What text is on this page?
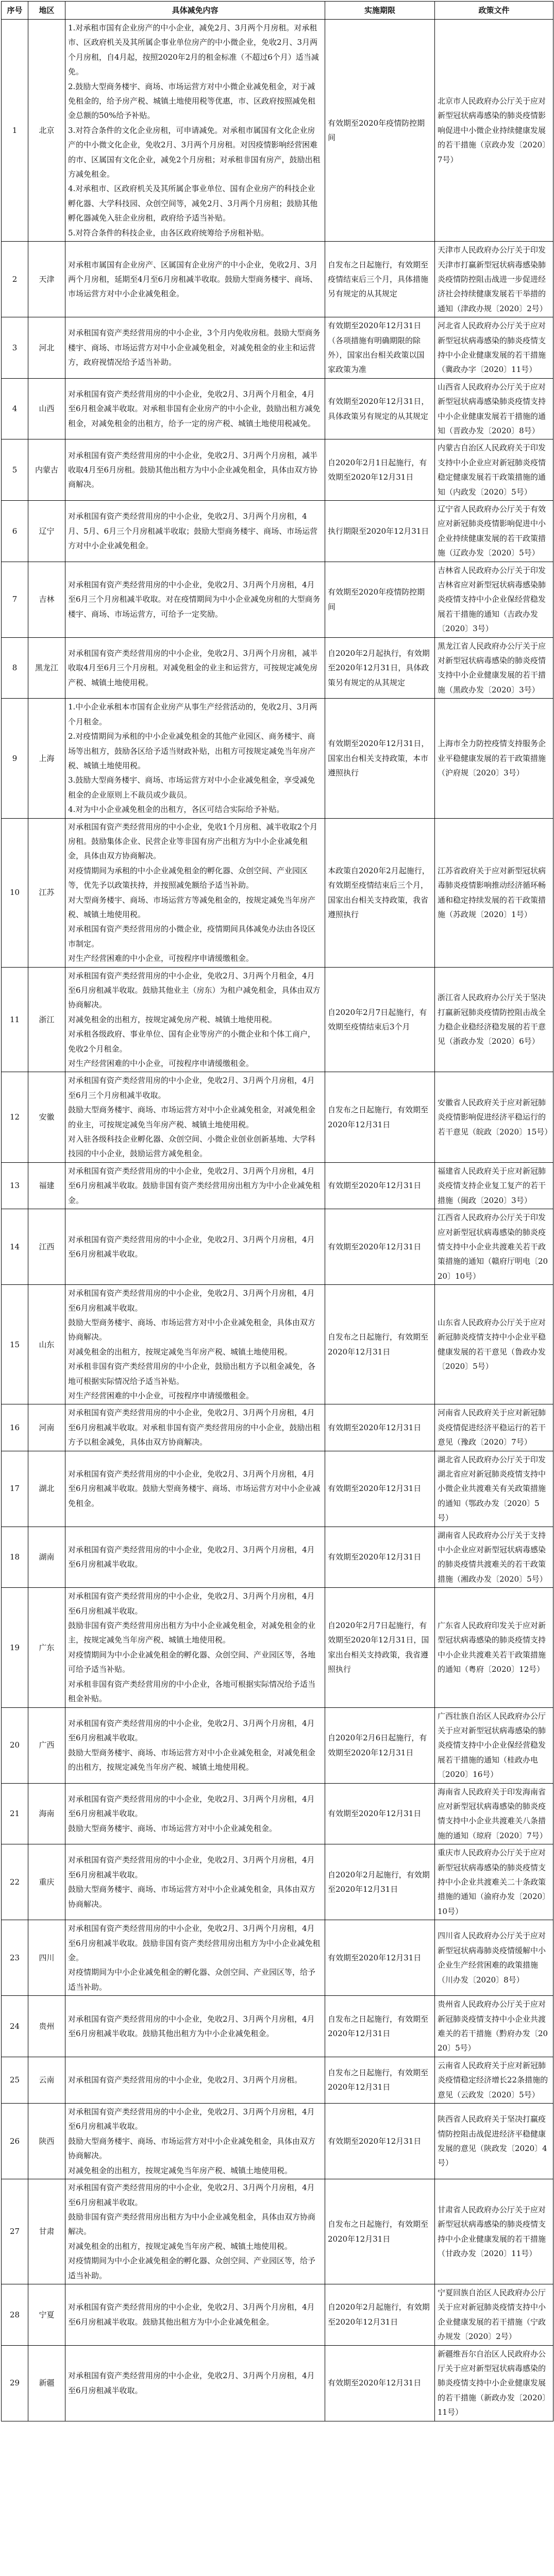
序号	地区	具体减免内容	实施期限	政策文件
1	北京	1.对承租市国有企业房产的中小企业，减免2月、3月两个月房租。对承租市、区政府机关及其所属企事业单位房产的中小微企业，免收2月、3月两个月房租，自4月起，按照2020年2月的租金标准（不超过6个月）适当减免。
2.鼓励大型商务楼宇、商场、市场运营方对中小微企业减免租金，对于减免租金的，给予房产税、城镇土地使用税等优惠，市、区政府按照减免租金总额的50%给予补贴。
3.对符合条件的文化企业房租，可申请减免。对承租市属国有文化企业房产的中小微文化企业，免收2月、3月两个月房租。对因疫情影响经营困难的市、区属国有文化企业，减免2个月房租；对承租非国有房产，鼓励出租方减免租金。
4.对承租市、区政府机关及其所属企事业单位、国有企业房产的科技企业孵化器、大学科技园、众创空间等，减免2月、3月两个月房租；鼓励其他孵化器减免入驻企业房租，政府给予适当补贴。
5.对符合条件的科技企业，由各区政府统筹给予房租补贴。	有效期至2020年疫情防控期间	北京市人民政府办公厅关于应对新型冠状病毒感染的肺炎疫情影响促进中小微企业持续健康发展的若干措施（京政办发〔2020〕7号）
2	天津	对承租市属国有企业房产、区属国有企业房产的中小企业，免收2月、3月两个月房租，延期至4月至6月房租减半收取。鼓励大型商务楼宇、商场、市场运营方对中小企业减免租金。	自发布之日起施行，有效期至疫情结束后三个月，具体措施另有规定的从其规定	天津市人民政府办公厅关于印发天津市打赢新型冠状病毒感染肺炎疫情防控阻击战进一步促进经济社会持续健康发展若干举措的通知（津政办规〔2020〕2号）
3	河北	对承租国有资产类经营用房的中小企业，3个月内免收房租。鼓励大型商务楼宇、商场、市场运营方对中小企业减免租金，对减免租金的业主和运营方，政府视情况给予适当补助。	有效期至2020年12月31日（各项措施有明确期限的除外），国家出台相关政策以国家政策为准	河北省人民政府办公厅关于应对新型冠状病毒感染的肺炎疫情支持中小企业健康发展的若干措施（冀政办字〔2020〕11号）
4	山西	对承租国有资产类经营用房的中小企业，免收2月、3月两个月租金，4月至6月租金减半收取。对承租非国有企业房产的中小企业，鼓励出租方减免租金，对减免租金的出租方，给予一定的房产税、城镇土地使用税减免。	有效期至2020年12月31日，具体政策另有规定的从其规定	山西省人民政府办公厅关于应对新型冠状病毒感染肺炎疫情支持中小企业健康发展若干措施的通知（晋政办发〔2020〕8号）
5	内蒙古	对承租国有资产类经营用房的中小企业，免收2月、3月两个月房租，减半收取4月至6月房租。鼓励其他出租方为中小企业减免租金，具体由双方协商解决。	自2020年2月1日起施行，有效期至2020年12月31日	内蒙古自治区人民政府关于印发支持中小企业应对新冠肺炎疫情稳定健康发展若干政策措施的通知（内政发〔2020〕5号）
6	辽宁	对承租国有资产类经营用房的中小企业，免收2月、3月两个月房租，4月、5月、6月三个月房租减半收取；鼓励大型商务楼宇、商场、市场运营方对中小企业减免租金。	执行期限至2020年12月31日	辽宁省人民政府办公厅关于有效应对新冠肺炎疫情影响促进中小企业持续健康发展的若干政策措施（辽政办发〔2020〕5号）
7	吉林	对承租国有资产类经营用房的中小企业，免收2月、3月两个月房租，4月至6月三个月房租减半收取。对在疫情期间为中小企业减免房租的大型商务楼宇、商场、市场运营方，可给予一定奖励。	有效期至2020年疫情防控期间	吉林省人民政府办公厅关于印发吉林省应对新型冠状病毒感染肺炎疫情支持中小企业保经营稳发展若干措施的通知（吉政办发〔2020〕3号）
8	黑龙江	对承租国有资产类经营用房的中小企业，免收2月、3月两个月房租，减半收取4月至6月三个月房租。对减免租金的业主和运营方，可按规定减免房产税、城镇土地使用税。	自2020年2月起执行，有效期至2020年12月31日，具体政策另有规定的从其规定	黑龙江省人民政府办公厅关于应对新型冠状病毒感染的肺炎疫情支持中小企业健康发展的若干措施（黑政办发〔2020〕3号）
9	上海	1.中小企业承租本市国有企业房产从事生产经营活动的，免收2月、3月两个月租金。
2.对疫情期间为承租的中小企业减免租金的其他产业园区、商务楼宇、商场等出租方，鼓励各区给予适当财政补贴，出租方可按规定减免当年房产税、城镇土地使用税。
3.鼓励大型商务楼宇、商场、市场运营方对中小企业减免租金，享受减免租金的企业原则上不裁员或少裁员。
4.对为中小企业减免租金的出租方，各区可结合实际给予补贴。	有效期至2020年12月31日，国家出台相关支持政策，本市遵照执行	上海市全力防控疫情支持服务企业平稳健康发展的若干政策措施（沪府规〔2020〕3号）
10	江苏	对承租国有资产类经营用房的中小企业，免收1个月房租、减半收取2个月房租。鼓励集体企业、民营企业等非国有房产出租方为中小企业减免租金，具体由双方协商解决。
对疫情期间为承租的中小企业减免租金的孵化器、众创空间、产业园区等，优先予以政策扶持，并按照减免额给予适当补助。
对大型商务楼宇、商场、市场运营方等减免租金的，按规定减免当年房产税、城镇土地使用税。
对承租国有资产类经营用房的小微企业，疫情期间具体减免办法由各设区市制定。
对生产经营困难的中小企业，可按程序申请缓缴租金。	本政策自2020年2月起施行，有效期至疫情结束后三个月，国家出台相关支持政策，我省遵照执行	江苏省政府关于应对新型冠状病毒肺炎疫情影响推动经济循环畅通和稳定持续发展的若干政策措施（苏政规〔2020〕1号）
11	浙江	对承租国有资产类经营用房的中小企业，免收2月、3月两个月租金，4月至6月房租减半收取。鼓励其他业主（房东）为租户减免租金，具体由双方协商解决。
对减免租金的出租方，按规定减免房产税、城镇土地使用税。
对承租各级政府、事业单位、国有企业等房产的小微企业和个体工商户，免收2个月租金。
对生产经营困难的中小企业，可按程序申请缓缴租金。	自2020年2月7日起施行，有效期至疫情结束后3个月	浙江省人民政府办公厅关于坚决打赢新冠肺炎疫情防控阻击战全力稳企业稳经济稳发展的若干意见（浙政办发〔2020〕6号）
12	安徽	对承租国有资产类经营用房的中小企业，免收2月、3月两个月房租，4月至6月三个月房租减半收取。
鼓励大型商务楼宇、商场、市场运营方对中小企业减免租金，对减免租金的业主，可按规定减免当年房产税、城镇土地使用税。
对入驻各级科技企业孵化器、众创空间、小微企业创业创新基地、大学科技园的中小企业，鼓励运营方减免租金。	自发布之日起施行，有效期至2020年12月31日	安徽省人民政府关于应对新冠肺炎疫情影响促进经济平稳运行的若干意见（皖政〔2020〕15号）
13	福建	对承租国有资产类经营用房的中小企业，免收2月、3月两个月房租，4月至6月房租减半收取。鼓励非国有资产类经营用房出租方为中小企业减免租金。	有效期至2020年12月31日	福建省人民政府关于应对新冠肺炎疫情支持企业复工复产的若干措施（闽政〔2020〕3号）
14	江西	对承租国有资产类经营用房的中小企业，免收2月、3月两个月房租，4月至6月房租减半收取。	有效期至2020年12月31日	江西省人民政府办公厅关于印发应对新型冠状病毒感染的肺炎疫情支持中小企业共渡难关若干政策措施的通知（赣府厅明电〔2020〕10号）
15	山东	对承租国有资产类经营用房的中小企业，免收2月、3月两个月房租，4月至6月房租减半收取。
鼓励大型商务楼宇、商场、市场运营方对中小企业减免租金，具体由双方协商解决。
对减免租金的出租方，按规定减免当年房产税、城镇土地使用税。
对承租非国有资产类经营用房的中小企业，鼓励出租方予以租金减免，各地可根据实际情况给予适当补贴。
对生产经营困难的中小企业，可按程序申请缓缴租金。	自发布之日起施行，有效期至2020年12月31日	山东省人民政府办公厅关于应对新冠肺炎疫情支持中小企业平稳健康发展的若干意见（鲁政办发〔2020〕5号）
16	河南	对承租国有资产类经营用房的中小企业，免收2月、3月两个月房租，4月至6月房租减半收取。对承租非国有资产类经营用房的中小企业，鼓励出租方予以租金减免，具体由双方协商解决。	有效期至2020年12月31日	河南省人民政府关于应对新冠肺炎疫情促进经济平稳运行的若干意见（豫政〔2020〕7号）
17	湖北	对承租国有资产类经营用房的中小企业，免收2月、3月两个月房租，4月至6月房租减半收取。鼓励大型商务楼宇、商场、市场运营方对中小企业减免租金。	有效期至2020年12月31日	湖北省人民政府办公厅关于印发湖北省应对新冠肺炎疫情支持中小微企业共渡难关有关政策措施的通知（鄂政办发〔2020〕5号）
18	湖南	对承租国有资产类经营用房的中小企业，免收2月、3月两个月房租，4月至6月房租减半收取。	有效期至2020年12月31日	湖南省人民政府办公厅关于支持中小企业应对新型冠状病毒感染的肺炎疫情共渡难关的若干政策措施（湘政办发〔2020〕5号）
19	广东	对承租国有资产类经营用房的中小企业，免收2月、3月两个月房租，4月至6月房租减半收取。
鼓励非国有资产类经营用房出租方为中小企业减免租金，对减免租金的业主，按规定减免当年房产税、城镇土地使用税。
对疫情期间为中小企业减免租金的孵化器、众创空间、产业园区等，各地可给予适当补贴。
对承租非国有资产类经营用房的中小企业，各地可根据实际情况给予适当租金补贴。	自2020年2月7日起施行，有效期至2020年12月31日，国家出台相关支持政策，我省遵照执行	广东省人民政府印发关于应对新型冠状病毒感染的肺炎疫情支持中小企业共渡难关若干政策措施的通知（粤府〔2020〕12号）
20	广西	对承租国有资产类经营用房的中小企业，免收2月、3月两个月房租，4月至6月房租减半收取。
鼓励大型商务楼宇、商场、市场运营方对中小企业减免租金，对减免租金的出租方，按规定减免当年房产税、城镇土地使用税。	自2020年2月6日起施行，有效期至2020年12月31日	广西壮族自治区人民政府办公厅关于应对新型冠状病毒感染的肺炎疫情支持中小企业保经营稳发展若干措施的通知（桂政办电〔2020〕16号）
21	海南	对承租国有资产类经营用房的中小企业，免收2月、3月两个月房租，4月至6月房租减半收取。
鼓励大型商务楼宇、商场、市场运营方对中小企业减免租金。	有效期至2020年12月31日	海南省人民政府关于印发海南省应对新型冠状病毒感染的肺炎疫情支持中小企业共渡难关八条措施的通知（琼府〔2020〕7号）
22	重庆	对承租国有资产类经营用房的中小企业，免收2月、3月两个月房租，4月至6月房租减半收取。
鼓励大型商务楼宇、商场、市场运营方对中小企业减免租金，具体由双方协商解决。	自2020年2月起施行，有效期至2020年12月31日	重庆市人民政府办公厅关于应对新型冠状病毒感染的肺炎疫情支持中小企业共渡难关二十条政策措施的通知（渝府办发〔2020〕10号）
23	四川	对承租国有资产类经营用房的中小企业，免收2月、3月两个月房租，4月至6月房租减半收取。鼓励非国有资产类经营用房出租方为中小企业减免租金。
对疫情期间为中小企业减免租金的孵化器、众创空间、产业园区等，给予适当补助。	有效期至2020年12月31日	四川省人民政府办公厅关于应对新型冠状病毒肺炎疫情缓解中小企业生产经营困难的政策措施（川办发〔2020〕8号）
24	贵州	对承租国有资产类经营用房的中小企业，免收2月、3月两个月房租，4月至6月房租减半收取。鼓励其他出租方为中小企业减免租金。	自发布之日起施行，有效期至2020年12月31日	贵州省人民政府办公厅关于应对新冠肺炎疫情支持中小企业共渡难关的若干措施（黔府办发〔2020〕5号）
25	云南	对承租国有资产类经营用房的中小企业，免收2月、3月两个月房租。	自发布之日起施行，有效期至2020年12月31日	云南省人民政府关于应对新冠肺炎疫情稳定经济增长22条措施的意见（云政发〔2020〕5号）
26	陕西	对承租国有资产类经营用房的中小企业，免收2月、3月两个月房租，4月至6月房租减半收取。
鼓励大型商务楼宇、商场、市场运营方对中小企业减免租金，具体由双方协商解决。
对减免租金的出租方，按规定减免当年房产税、城镇土地使用税。	有效期至2020年12月31日	陕西省人民政府关于坚决打赢疫情防控阻击战促进经济平稳健康发展的意见（陕政发〔2020〕4号）
27	甘肃	对承租国有资产类经营用房的中小企业，免收2月、3月两个月房租，4月至6月房租减半收取。
鼓励非国有资产类经营用房出租方为中小企业减免租金，具体由双方协商解决。
对减免租金的出租方，按规定减免当年房产税、城镇土地使用税。
对疫情期间为中小企业减免租金的孵化器、众创空间、产业园区等，给予适当补助。	自发布之日起施行，有效期至2020年12月31日	甘肃省人民政府办公厅关于应对新型冠状病毒感染的肺炎疫情支持中小企业健康发展的若干措施（甘政办发〔2020〕11号）
28	宁夏	对承租国有资产类经营用房的中小企业，免收2月、3月两个月房租，4月至6月房租减半收取。鼓励其他出租方为中小企业减免租金。	自2020年2月起施行，有效期至2020年12月31日	宁夏回族自治区人民政府办公厅关于应对新冠肺炎疫情支持中小企业健康发展的若干措施（宁政办规发〔2020〕2号）
29	新疆	对承租国有资产类经营用房的中小企业，免收2月、3月两个月房租，4月至6月房租减半收取。	有效期至2020年12月31日	新疆维吾尔自治区人民政府办公厅关于应对新型冠状病毒感染的肺炎疫情支持中小企业健康发展的若干措施（新政办发〔2020〕11号）
